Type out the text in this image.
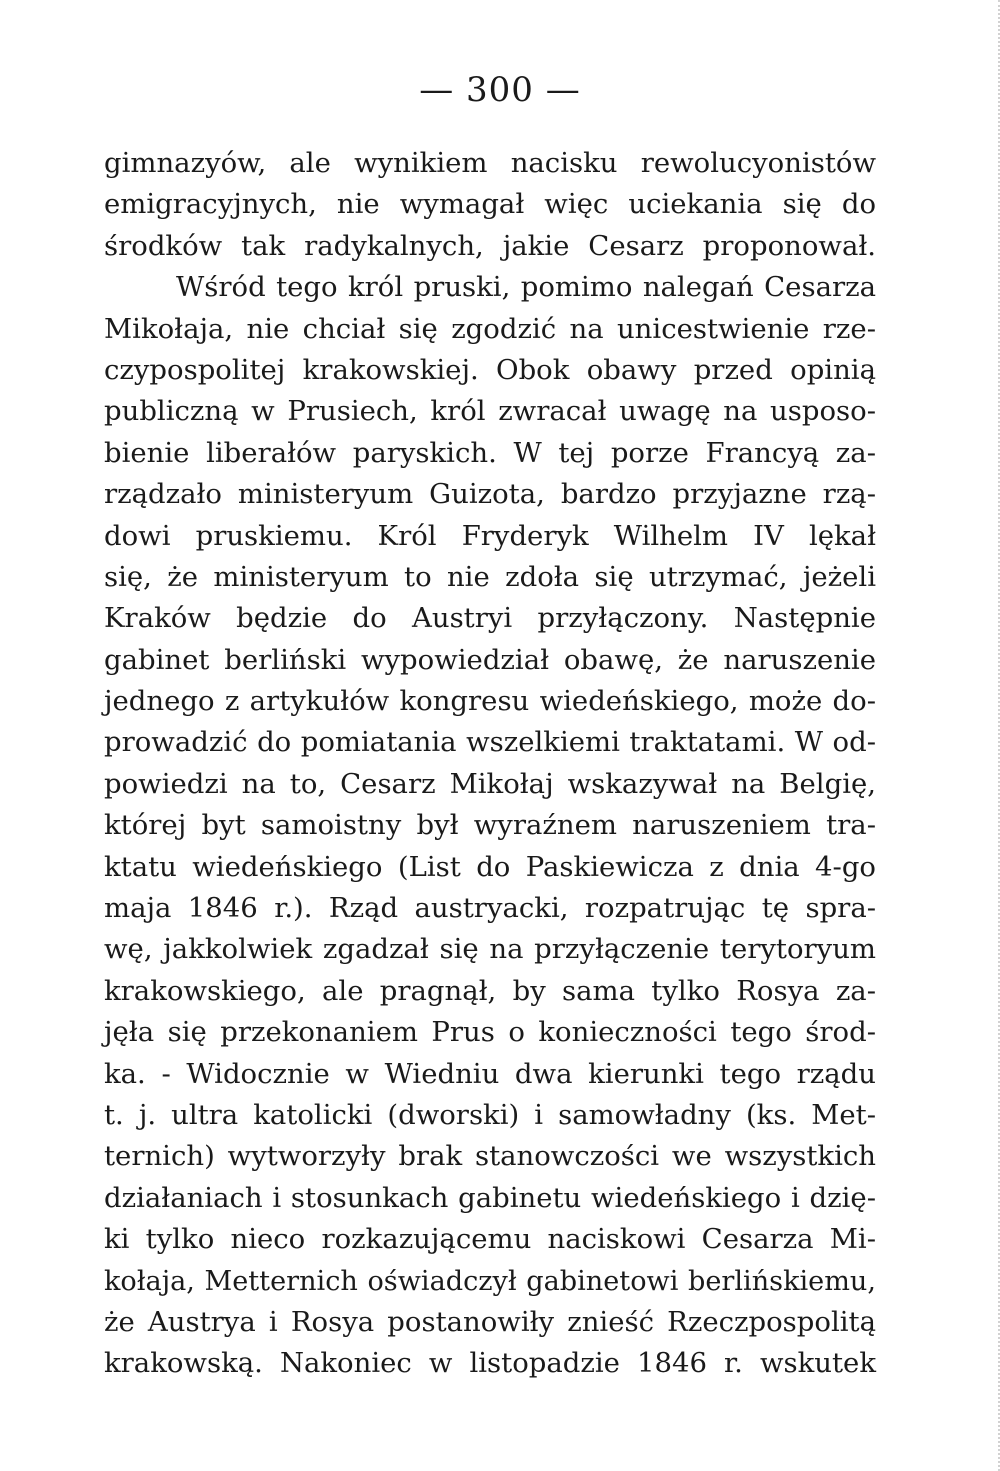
— 300 —
gimnazyów, ale wynikiem nacisku rewolucyonistów
emigracyjnych, nie wymagał więc uciekania się do
środków tak radykalnych, jakie Cesarz proponował.
Wśród tego król pruski, pomimo nalegań Cesarza
Mikołaja, nie chciał się zgodzić na unicestwienie rze-
czypospolitej krakowskiej. Obok obawy przed opinią
publiczną w Prusiech, król zwracał uwagę na usposo-
bienie liberałów paryskich. W tej porze Francyą za-
rządzało ministeryum Guizota, bardzo przyjazne rzą-
dowi pruskiemu. Król Fryderyk Wilhelm IV lękał
się, że ministeryum to nie zdoła się utrzymać, jeżeli
Kraków będzie do Austryi przyłączony. Następnie
gabinet berliński wypowiedział obawę, że naruszenie
jednego z artykułów kongresu wiedeńskiego, może do-
prowadzić do pomiatania wszelkiemi traktatami. W od-
powiedzi na to, Cesarz Mikołaj wskazywał na Belgię,
której byt samoistny był wyraźnem naruszeniem tra-
ktatu wiedeńskiego (List do Paskiewicza z dnia 4-go
maja 1846 r.). Rząd austryacki, rozpatrując tę spra-
wę, jakkolwiek zgadzał się na przyłączenie terytoryum
krakowskiego, ale pragnął, by sama tylko Rosya za-
jęła się przekonaniem Prus o konieczności tego środ-
ka. - Widocznie w Wiedniu dwa kierunki tego rządu
t. j. ultra katolicki (dworski) i samowładny (ks. Met-
ternich) wytworzyły brak stanowczości we wszystkich
działaniach i stosunkach gabinetu wiedeńskiego i dzię-
ki tylko nieco rozkazującemu naciskowi Cesarza Mi-
kołaja, Metternich oświadczył gabinetowi berlińskiemu,
że Austrya i Rosya postanowiły znieść Rzeczpospolitą
krakowską. Nakoniec w listopadzie 1846 r. wskutek
